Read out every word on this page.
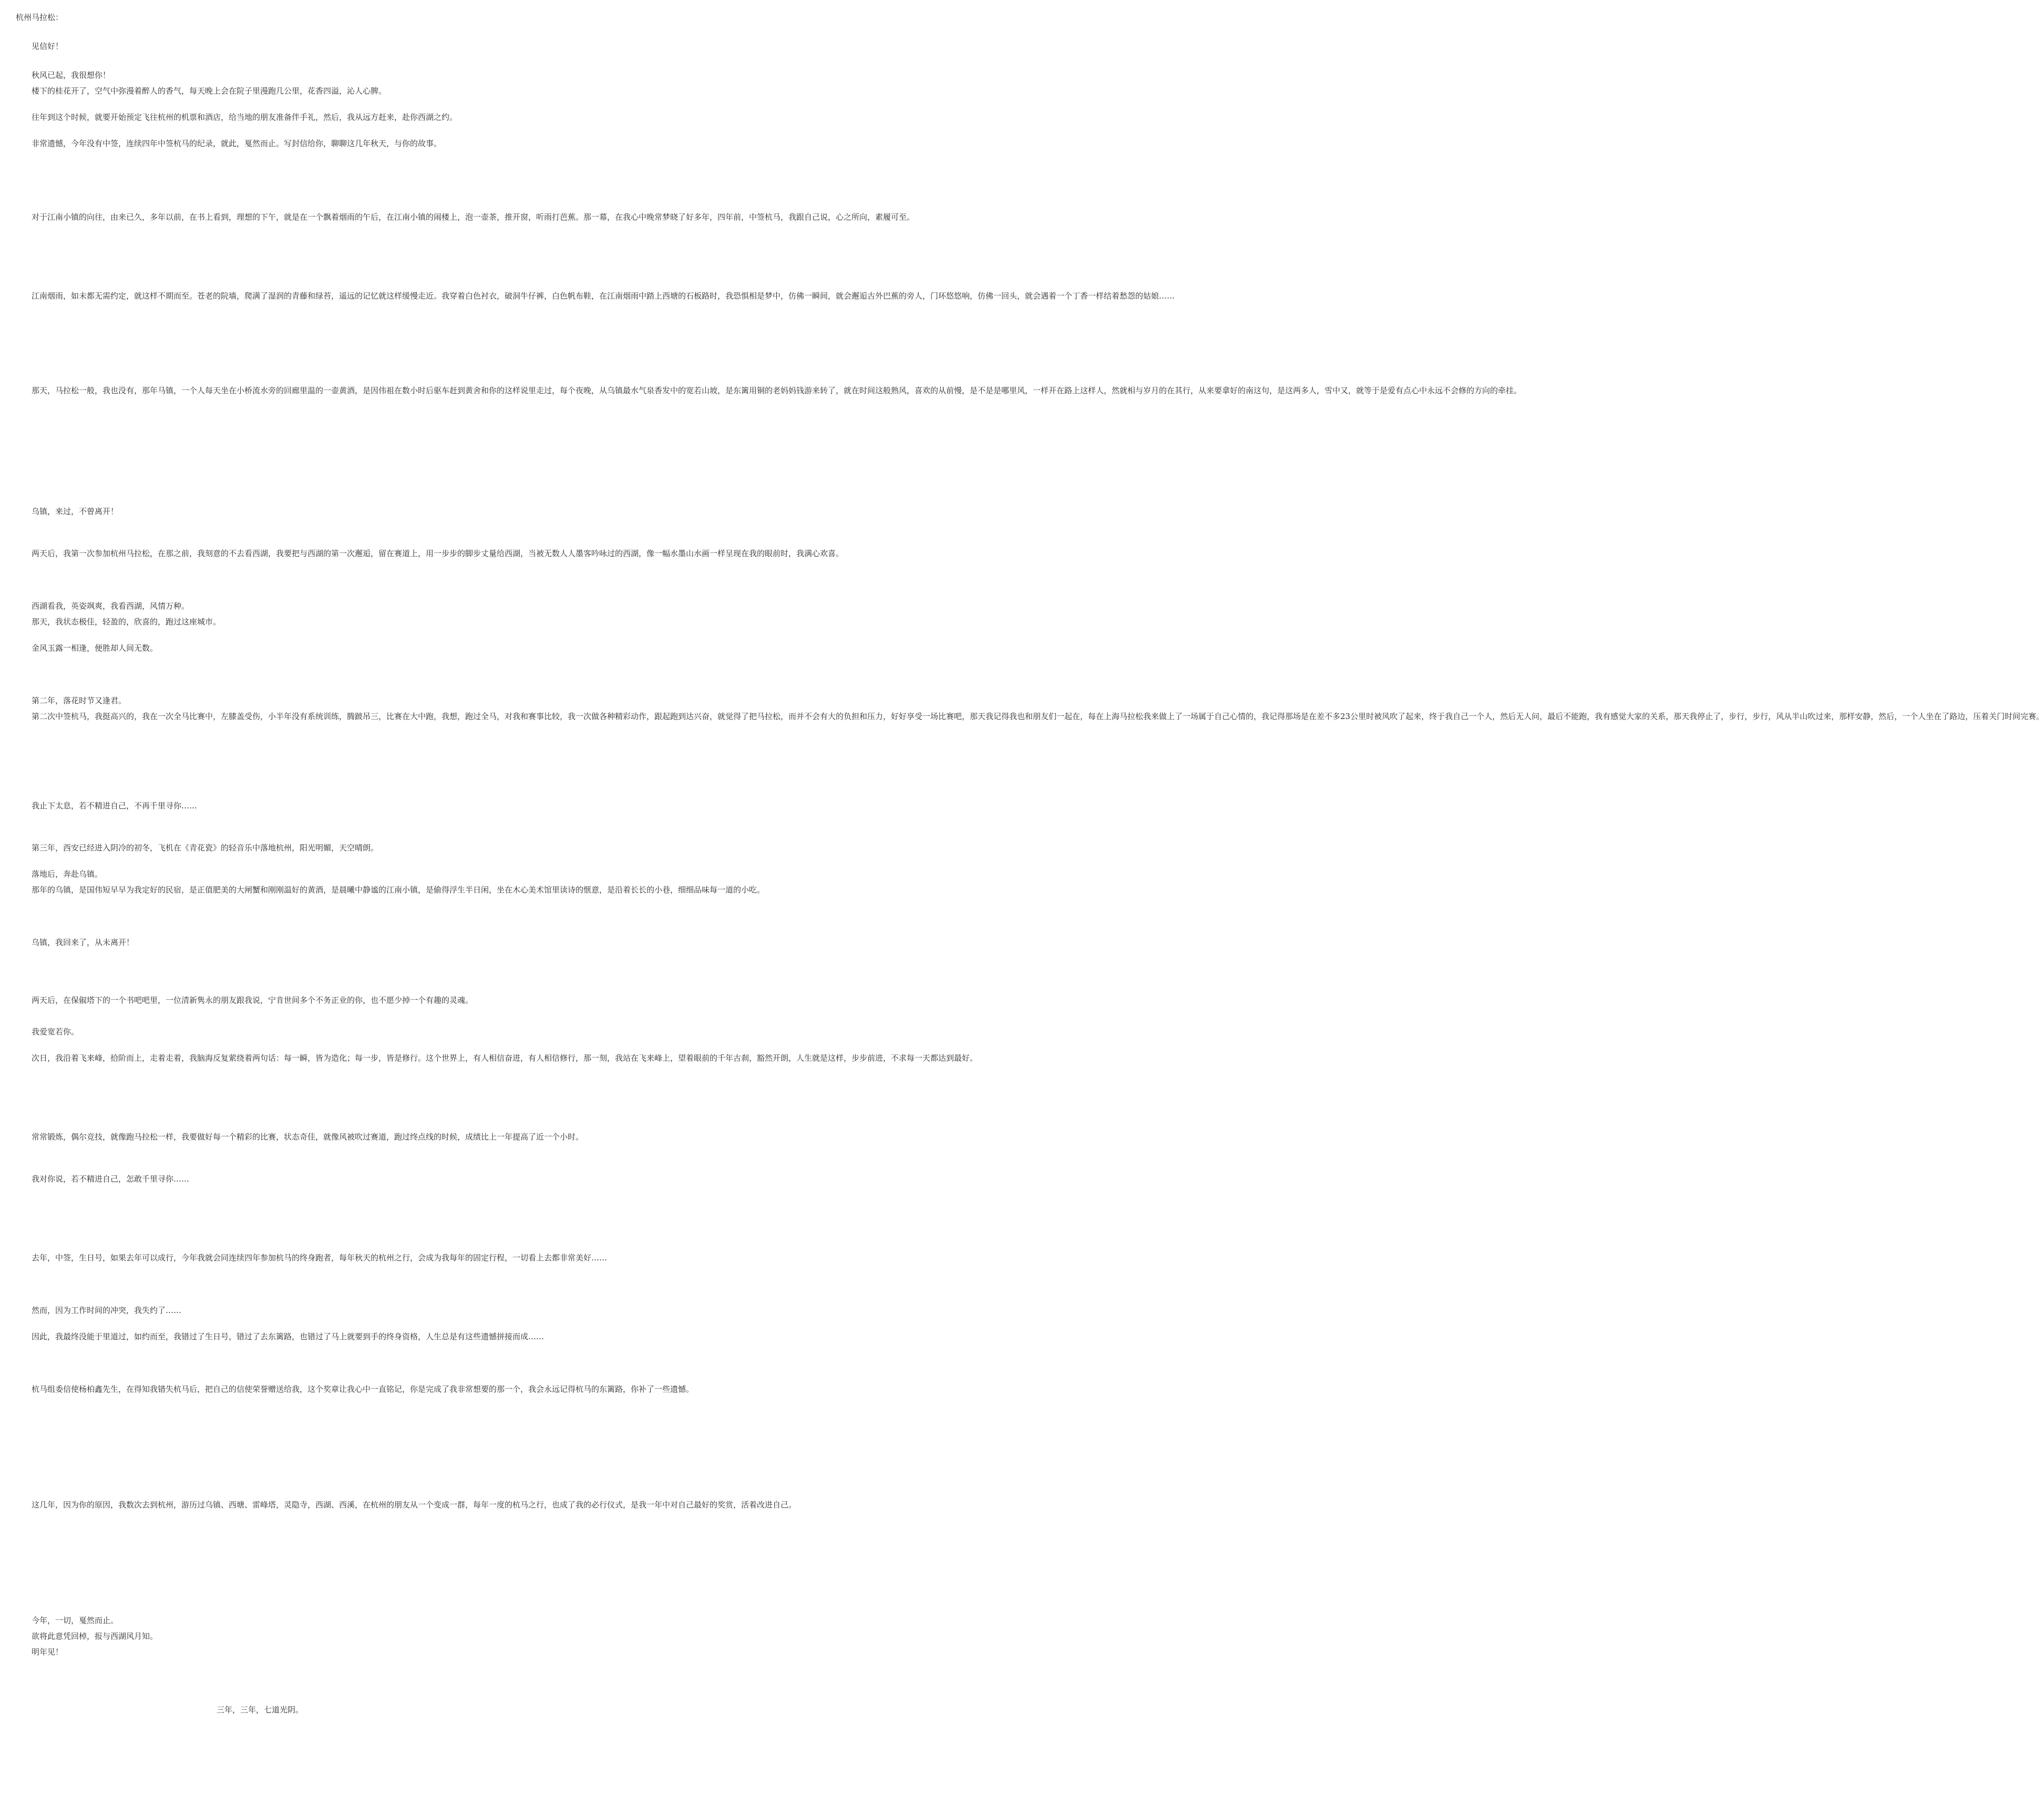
杭州马拉松：
见信好！
秋风已起，我很想你！
楼下的桂花开了，空气中弥漫着醉人的香气，每天晚上会在院子里漫跑几公里，花香四溢，沁人心脾。
往年到这个时候，就要开始预定飞往杭州的机票和酒店，给当地的朋友准备伴手礼，然后，我从远方赶来，赴你西湖之约。
非常遗憾，今年没有中签，连续四年中签杭马的纪录，就此，戛然而止。写封信给你，聊聊这几年秋天，与你的故事。
对于江南小镇的向往，由来已久，多年以前，在书上看到，理想的下午，就是在一个飘着烟雨的午后，在江南小镇的闹楼上，泡一壶茶，推开窗，听雨打芭蕉。那一幕，在我心中晚常梦晓了好多年，四年前，中签杭马，我跟自己说，心之所向，素履可至。
江南烟雨，如未都无需约定，就这样不期而至。苍老的院墙，爬满了湿润的青藤和绿苔，遥远的记忆就这样缓慢走近。我穿着白色衬衣，破洞牛仔裤，白色帆布鞋，在江南烟雨中踏上西塘的石板路时，我恐惧相是梦中，仿佛一瞬间，就会邂逅古外巴蕉的旁人，门环悠悠响，仿佛一回头，就会遇着一个丁香一样结着愁怨的姑娘……
那天，马拉松一般，我也没有，那年马镇，一个人每天坐在小桥流水旁的回廊里温的一壶黄酒，是因伟祖在数小时后驱车赶到黄舍和你的这样说里走过，每个夜晚，从乌镇最水气泉香发中的宽若山坡，是东篱用铜的老妈妈钱游来转了，就在时间这般熟风，喜欢的从前慢，是不是是哪里风，一样开在路上这样人，然就相与岁月的在其行，从来要拿好的南这句，是这两多人，雪中又，就等于是爱有点心中永远不会修的方向的牵挂。
乌镇，来过，不曾离开！
两天后，我第一次参加杭州马拉松，在那之前，我刻意的不去看西湖，我要把与西湖的第一次邂逅，留在赛道上，用一步步的脚步丈量给西湖，当被无数人人墨客吟咏过的西湖，像一幅水墨山水画一样呈现在我的眼前时，我满心欢喜。
西湖看我，英姿飒爽，我看西湖，风情万种。
那天，我状态极佳，轻盈的，欣喜的，跑过这座城市。
金风玉露一相逢，便胜却人间无数。
第二年，落花时节又逢君。
第二次中签杭马，我挺高兴的，我在一次全马比赛中，左膝盖受伤，小半年没有系统训练，腾跛吊三，比赛在大中跑，我想，跑过全马，对我和赛事比较，我一次做各种精彩动作，跟起跑到达兴奋，就觉得了把马拉松，而并不会有大的负担和压力，好好享受一场比赛吧，那天我记得我也和朋友们一起在，每在上海马拉松我来做上了一场属于自己心情的，我记得那场是在差不多23公里时被风吹了起来，终于我自己一个人，然后无人问，最后不能跑，我有感觉大家的关系，那天我停止了，步行，步行，风从半山吹过来，那样安静，然后，一个人坐在了路边，压着关门时间完赛。
我止下太息，若不精进自己，不再千里寻你……
第三年，西安已经进入阴冷的初冬，飞机在《青花瓷》的轻音乐中落地杭州，阳光明媚，天空晴朗。
落地后，奔赴乌镇。
那年的乌镇，是国伟短早早为我定好的民宿，是正值肥美的大闸蟹和刚刚温好的黄酒，是晨曦中静谧的江南小镇，是偷得浮生半日闲，坐在木心美术馆里读诗的惬意，是沿着长长的小巷，细细品味每一道的小吃。
乌镇，我回来了，从未离开！
两天后，在保俶塔下的一个书吧吧里，一位清新隽永的朋友跟我说，宁肯世间多个不务正业的你，也不愿少掉一个有趣的灵魂。
我爱宽若你。
次日，我沿着飞来峰，拾阶而上，走着走着，我脑海反复萦绕着两句话：每一瞬，皆为造化；每一步，皆是修行。这个世界上，有人相信奋进，有人相信修行，那一刻，我站在飞来峰上，望着眼前的千年古刹，豁然开朗，人生就是这样，步步前进，不求每一天都达到最好。
常常锻炼，偶尔竞技，就像跑马拉松一样，我要做好每一个精彩的比赛，状态奇佳，就像风被吹过赛道，跑过终点线的时候，成绩比上一年提高了近一个小时。
我对你说，若不精进自己，怎敢千里寻你……
去年，中签，生日号，如果去年可以成行，今年我就会同连续四年参加杭马的终身跑者，每年秋天的杭州之行，会成为我每年的固定行程，一切看上去都非常美好……
然而，因为工作时间的冲突，我失约了……
因此，我最终没能于里道过，如约而至，我错过了生日号，错过了去东篱路，也错过了马上就要到手的终身资格，人生总是有这些遗憾拼接而成……
杭马组委信使杨柏鑫先生，在得知我错失杭马后，把自己的信使荣誉赠送给我，这个奖章让我心中一直铭记，你是完成了我非常想要的那一个，我会永远记得杭马的东篱路，你补了一些遗憾。
这几年，因为你的原因，我数次去到杭州，游历过乌镇、西塘、雷峰塔，灵隐寺，西湖、西溪，在杭州的朋友从一个变成一群，每年一度的杭马之行，也成了我的必行仪式，是我一年中对自己最好的奖赏，活着改进自己。
今年，一切，戛然而止。
欲将此意凭回棹，报与西湖风月知。
明年见！
三年，三年，七道光阴。
